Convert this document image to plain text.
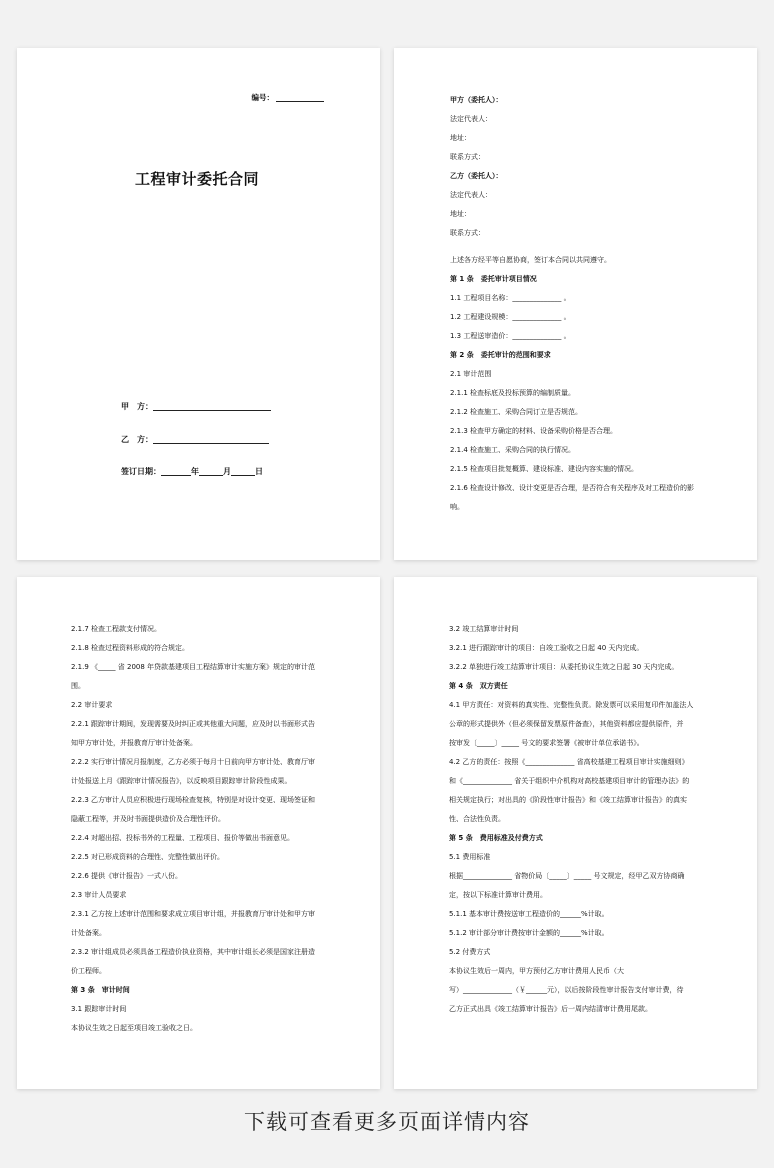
编号：
工程审计委托合同
甲　方：
乙　方：
签订日期：	年	月	日
甲方（委托人）：
法定代表人：
地址：
联系方式：
乙方（委托人）：
法定代表人：
地址：
联系方式：
上述各方经平等自愿协商，签订本合同以共同遵守。
第 1 条　委托审计项目情况
1.1 工程项目名称：______________ 。
1.2 工程建设规模：______________ 。
1.3 工程送审造价：______________ 。
第 2 条　委托审计的范围和要求
2.1 审计范围
2.1.1 检查标底及投标预算的编制质量。
2.1.2 检查施工、采购合同订立是否规范。
2.1.3 检查甲方确定的材料、设备采购价格是否合理。
2.1.4 检查施工、采购合同的执行情况。
2.1.5 检查项目批复概算、建设标准、建设内容实施的情况。
2.1.6 检查设计修改、设计变更是否合理，是否符合有关程序及对工程造价的影
响。
2.1.7 检查工程款支付情况。
2.1.8 检查过程资料形成的符合规定。
2.1.9 《_____ 省 2008 年贷款基建项目工程结算审计实施方案》规定的审计范
围。
2.2 审计要求
2.2.1 跟踪审计期间，发现需要及时纠正或其他重大问题，应及时以书面形式告
知甲方审计处，并报教育厅审计处备案。
2.2.2 实行审计情况月报制度，乙方必须于每月十日前向甲方审计处、教育厅审
计处报送上月《跟踪审计情况报告》，以反映项目跟踪审计阶段性成果。
2.2.3 乙方审计人员应积极进行现场检查复核，特别是对设计变更、现场签证和
隐蔽工程等，并及时书面提供造价及合理性评价。
2.2.4 对超出招、投标书外的工程量、工程项目、报价等做出书面意见。
2.2.5 对已形成资料的合理性、完整性做出评价。
2.2.6 提供《审计报告》一式八份。
2.3 审计人员要求
2.3.1 乙方按上述审计范围和要求成立项目审计组，并报教育厅审计处和甲方审
计处备案。
2.3.2 审计组成员必须具备工程造价执业资格，其中审计组长必须是国家注册造
价工程师。
第 3 条　审计时间
3.1 跟踪审计时间
本协议生效之日起至项目竣工验收之日。
3.2 竣工结算审计时间
3.2.1 进行跟踪审计的项目：自竣工验收之日起 40 天内完成。
3.2.2 单独进行竣工结算审计项目：从委托协议生效之日起 30 天内完成。
第 4 条　双方责任
4.1 甲方责任：对资料的真实性、完整性负责。除发票可以采用复印件加盖法人
公章的形式提供外（但必须保留发票原件备查），其他资料都应提供原件，并
按审发〔_____〕_____ 号文的要求签署《被审计单位承诺书》。
4.2 乙方的责任：按照《______________ 省高校基建工程项目审计实施细则》
和《______________ 省关于组织中介机构对高校基建项目审计的管理办法》的
相关规定执行；对出具的《阶段性审计报告》和《竣工结算审计报告》的真实
性、合法性负责。
第 5 条　费用标准及付费方式
5.1 费用标准
根据______________ 省物价局〔_____〕_____ 号文规定，经甲乙双方协商确
定，按以下标准计算审计费用。
5.1.1 基本审计费按送审工程造价的______%计取。
5.1.2 审计部分审计费按审计金额的______%计取。
5.2 付费方式
本协议生效后一周内，甲方预付乙方审计费用人民币（大
写）______________（￥______元），以后按阶段性审计报告支付审计费，待
乙方正式出具《竣工结算审计报告》后一周内结清审计费用尾款。
下载可查看更多页面详情内容
